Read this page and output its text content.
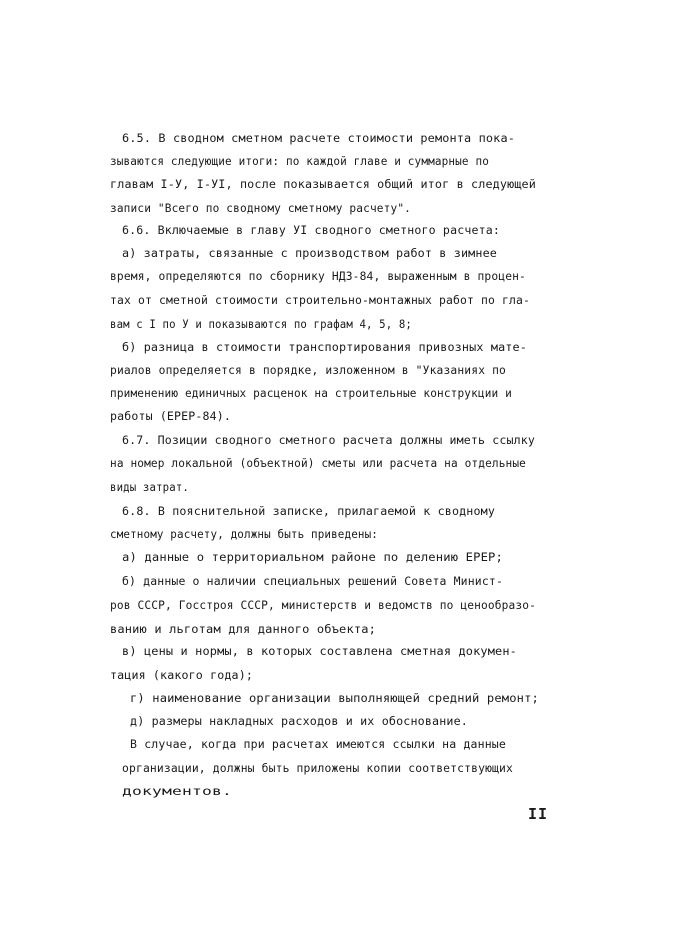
6.5. В сводном сметном расчете стоимости ремонта пока-
зываются следующие итоги: по каждой главе и суммарные по
главам I-У, I-УI, после показывается общий итог в следующей
записи "Всего по сводному сметному расчету".
6.6. Включаемые в главу УI сводного сметного расчета:
а) затраты, связанные с производством работ в зимнее
время, определяются по сборнику НДЗ-84, выраженным в процен-
тах от сметной стоимости строительно-монтажных работ по гла-
вам с I по У и показываются по графам 4, 5, 8;
б) разница в стоимости транспортирования привозных мате-
риалов определяется в порядке, изложенном в "Указаниях по
применению единичных расценок на строительные конструкции и
работы (ЕРЕР-84).
6.7. Позиции сводного сметного расчета должны иметь ссылку
на номер локальной (объектной) сметы или расчета на отдельные
виды затрат.
6.8. В пояснительной записке, прилагаемой к сводному
сметному расчету, должны быть приведены:
а) данные о территориальном районе по делению ЕРЕР;
б) данные о наличии специальных решений Совета Минист-
ров СССР, Госстроя СССР, министерств и ведомств по ценообразо-
ванию и льготам для данного объекта;
в) цены и нормы, в которых составлена сметная докумен-
тация (какого года);
г) наименование организации выполняющей средний ремонт;
д) размеры накладных расходов и их обоснование.
В случае, когда при расчетах имеются ссылки на данные
организации, должны быть приложены копии соответствующих
документов.
II
